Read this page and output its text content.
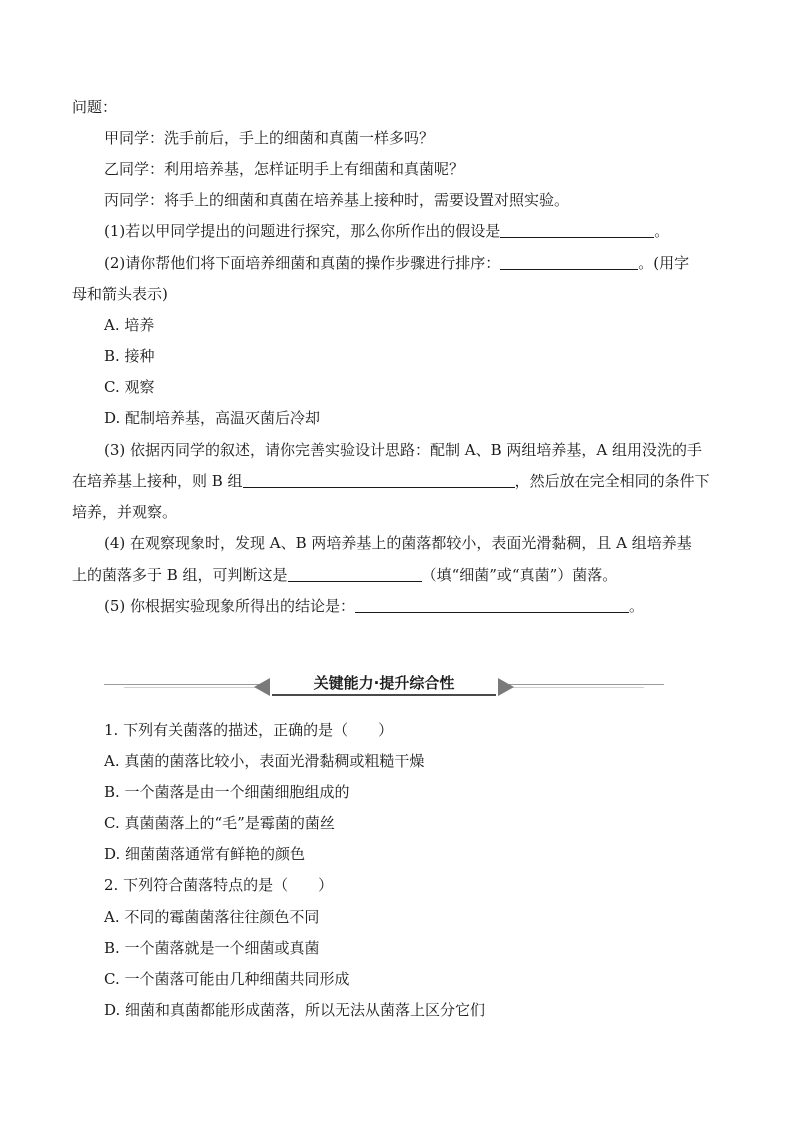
问题：
甲同学：洗手前后，手上的细菌和真菌一样多吗？
乙同学：利用培养基，怎样证明手上有细菌和真菌呢？
丙同学：将手上的细菌和真菌在培养基上接种时，需要设置对照实验。
(1)若以甲同学提出的问题进行探究，那么你所作出的假设是	。
(2)请你帮他们将下面培养细菌和真菌的操作步骤进行排序：	。(用字
母和箭头表示)
A. 培养
B. 接种
C. 观察
D. 配制培养基，高温灭菌后冷却
(3) 依据丙同学的叙述，请你完善实验设计思路：配制 A、B 两组培养基，A 组用没洗的手
在培养基上接种，则 B 组	，然后放在完全相同的条件下
培养，并观察。
(4) 在观察现象时，发现 A、B 两培养基上的菌落都较小，表面光滑黏稠，且 A 组培养基
上的菌落多于 B 组，可判断这是	（填“细菌”或“真菌”）菌落。
(5) 你根据实验现象所得出的结论是：	。
关键能力·提升综合性
1. 下列有关菌落的描述，正确的是（　　）
A. 真菌的菌落比较小，表面光滑黏稠或粗糙干燥
B. 一个菌落是由一个细菌细胞组成的
C. 真菌菌落上的“毛”是霉菌的菌丝
D. 细菌菌落通常有鲜艳的颜色
2. 下列符合菌落特点的是（　　）
A. 不同的霉菌菌落往往颜色不同
B. 一个菌落就是一个细菌或真菌
C. 一个菌落可能由几种细菌共同形成
D. 细菌和真菌都能形成菌落，所以无法从菌落上区分它们
